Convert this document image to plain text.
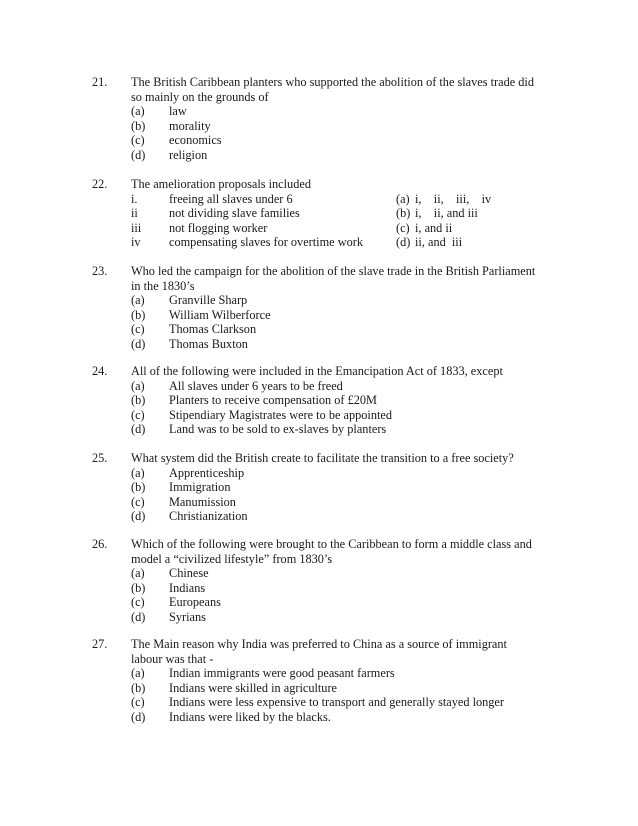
21. The British Caribbean planters who supported the abolition of the slaves trade did
so mainly on the grounds of
(a) law
(b) morality
(c) economics
(d) religion
22. The amelioration proposals included
i.	freeing all slaves under 6
ii	not dividing slave families
iii not flogging worker
iv compensating slaves for overtime work
(a) i,    ii,    iii,    iv
(b) i,    ii, and iii
(c) i, and ii
(d) ii, and  iii
23. Who led the campaign for the abolition of the slave trade in the British Parliament
in the 1830’s
(a) Granville Sharp
(b) William Wilberforce
(c) Thomas Clarkson
(d) Thomas Buxton
24. All of the following were included in the Emancipation Act of 1833, except
(a) All slaves under 6 years to be freed
(b) Planters to receive compensation of £20M
(c) Stipendiary Magistrates were to be appointed
(d) Land was to be sold to ex-slaves by planters
25. What system did the British create to facilitate the transition to a free society?
(a) Apprenticeship
(b) Immigration
(c) Manumission
(d) Christianization
26. Which of the following were brought to the Caribbean to form a middle class and
model a “civilized lifestyle” from 1830’s
(a) Chinese
(b) Indians
(c) Europeans
(d) Syrians
27. The Main reason why India was preferred to China as a source of immigrant
labour was that -
(a) Indian immigrants were good peasant farmers
(b) Indians were skilled in agriculture
(c) Indians were less expensive to transport and generally stayed longer
(d) Indians were liked by the blacks.
